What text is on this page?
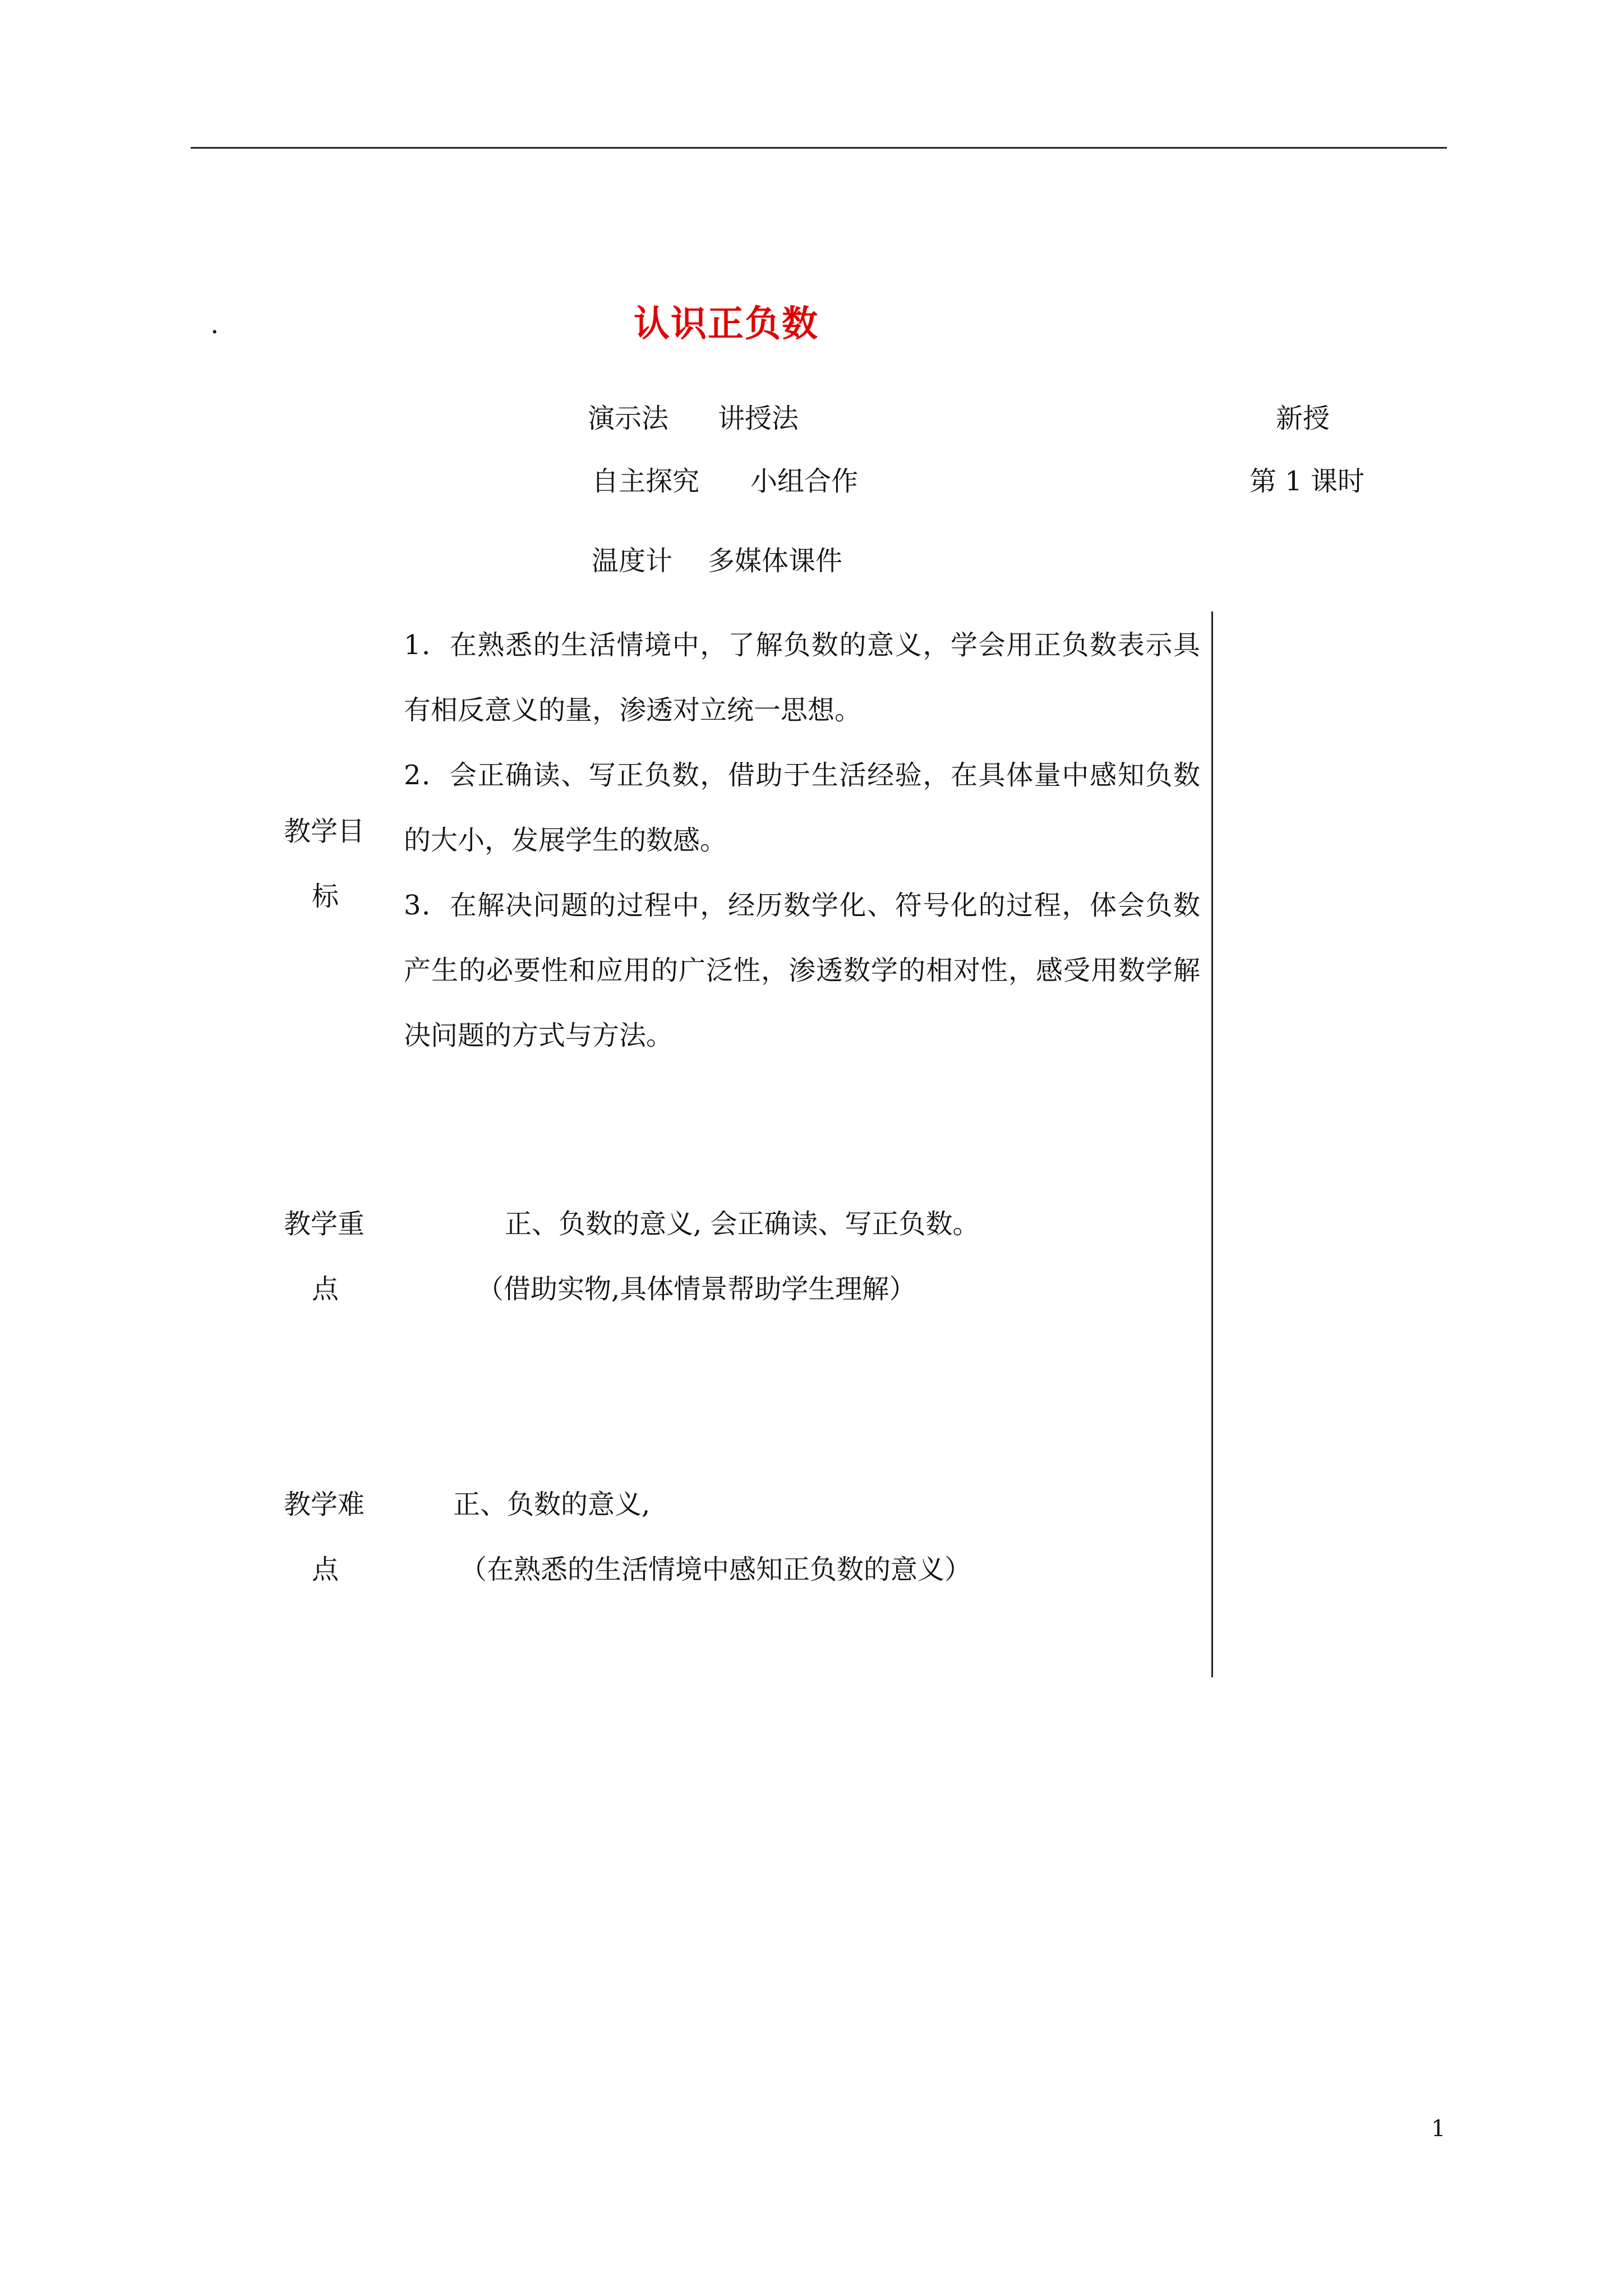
.	认识正负数
演示法 讲授法	新授
自主探究 小组合作	第 1 课时
温度计 多媒体课件
教学目
标

1．在熟悉的生活情境中，了解负数的意义，学会用正负数表示具有相反意义的量，渗透对立统一思想。

2．会正确读、写正负数，借助于生活经验，在具体量中感知负数的大小，发展学生的数感。

3．在解决问题的过程中，经历数学化、符号化的过程，体会负数产生的必要性和应用的广泛性，渗透数学的相对性，感受用数学解决问题的方式与方法。

教学重
点
正、负数的意义, 会正确读、写正负数。
（借助实物,具体情景帮助学生理解）
教学难
点
正、负数的意义,
（在熟悉的生活情境中感知正负数的意义）
1
